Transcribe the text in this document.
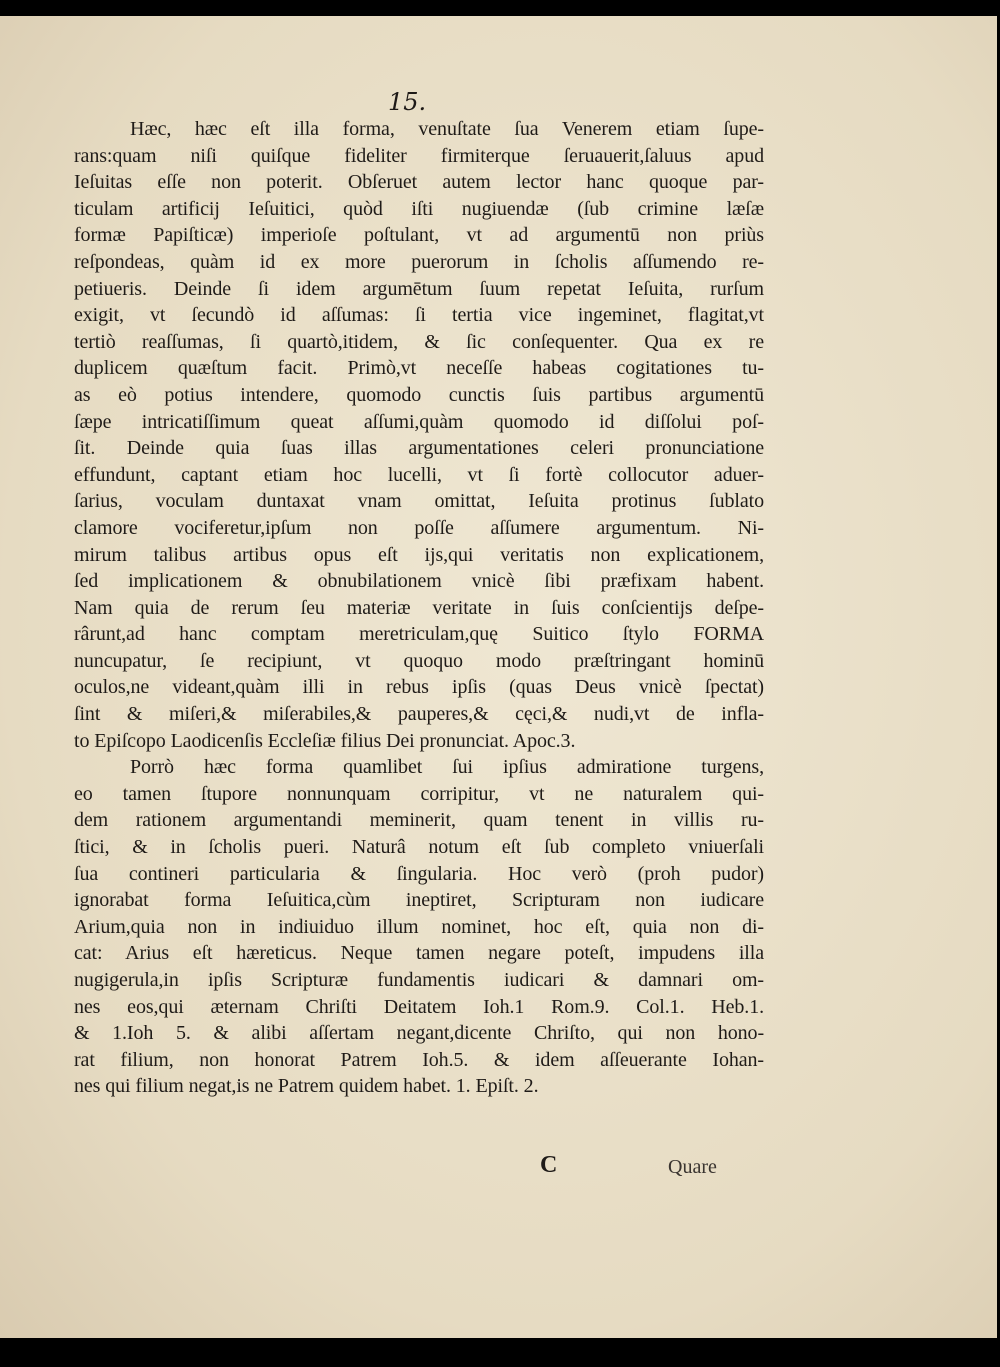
15.
Hæc, hæc eſt illa forma, venuſtate ſua Venerem etiam ſupe-
rans:quam niſi quiſque fideliter firmiterque ſeruauerit,ſaluus apud
Ieſuitas eſſe non poterit. Obſeruet autem lector hanc quoque par-
ticulam artificij Ieſuitici, quòd iſti nugiuendæ (ſub crimine læſæ
formæ Papiſticæ) imperioſe poſtulant, vt ad argumentū non priùs
reſpondeas, quàm id ex more puerorum in ſcholis aſſumendo re-
petiueris. Deinde ſi idem argumētum ſuum repetat Ieſuita, rurſum
exigit, vt ſecundò id aſſumas: ſi tertia vice ingeminet, flagitat,vt
tertiò reaſſumas, ſi quartò,itidem, & ſic conſequenter. Qua ex re
duplicem quæſtum facit. Primò,vt neceſſe habeas cogitationes tu-
as eò potius intendere, quomodo cunctis ſuis partibus argumentū
ſæpe intricatiſſimum queat aſſumi,quàm quomodo id diſſolui poſ-
ſit. Deinde quia ſuas illas argumentationes celeri pronunciatione
effundunt, captant etiam hoc lucelli, vt ſi fortè collocutor aduer-
ſarius, voculam duntaxat vnam omittat, Ieſuita protinus ſublato
clamore vociferetur,ipſum non poſſe aſſumere argumentum. Ni-
mirum talibus artibus opus eſt ijs,qui veritatis non explicationem,
ſed implicationem & obnubilationem vnicè ſibi præfixam habent.
Nam quia de rerum ſeu materiæ veritate in ſuis conſcientijs deſpe-
rârunt,ad hanc comptam meretriculam,quę Suitico ſtylo FORMA
nuncupatur, ſe recipiunt, vt quoquo modo præſtringant hominū
oculos,ne videant,quàm illi in rebus ipſis (quas Deus vnicè ſpectat)
ſint & miſeri,& miſerabiles,& pauperes,& cęci,& nudi,vt de infla-
to Epiſcopo Laodicenſis Eccleſiæ filius Dei pronunciat. Apoc.3.
Porrò hæc forma quamlibet ſui ipſius admiratione turgens,
eo tamen ſtupore nonnunquam corripitur, vt ne naturalem qui-
dem rationem argumentandi meminerit, quam tenent in villis ru-
ſtici, & in ſcholis pueri. Naturâ notum eſt ſub completo vniuerſali
ſua contineri particularia & ſingularia. Hoc verò (proh pudor)
ignorabat forma Ieſuitica,cùm ineptiret, Scripturam non iudicare
Arium,quia non in indiuiduo illum nominet, hoc eſt, quia non di-
cat: Arius eſt hæreticus. Neque tamen negare poteſt, impudens illa
nugigerula,in ipſis Scripturæ fundamentis iudicari & damnari om-
nes eos,qui æternam Chriſti Deitatem Ioh.1 Rom.9. Col.1. Heb.1.
& 1.Ioh 5. & alibi aſſertam negant,dicente Chriſto, qui non hono-
rat filium, non honorat Patrem Ioh.5. & idem aſſeuerante Iohan-
nes qui filium negat,is ne Patrem quidem habet. 1. Epiſt. 2.
C	Quare
